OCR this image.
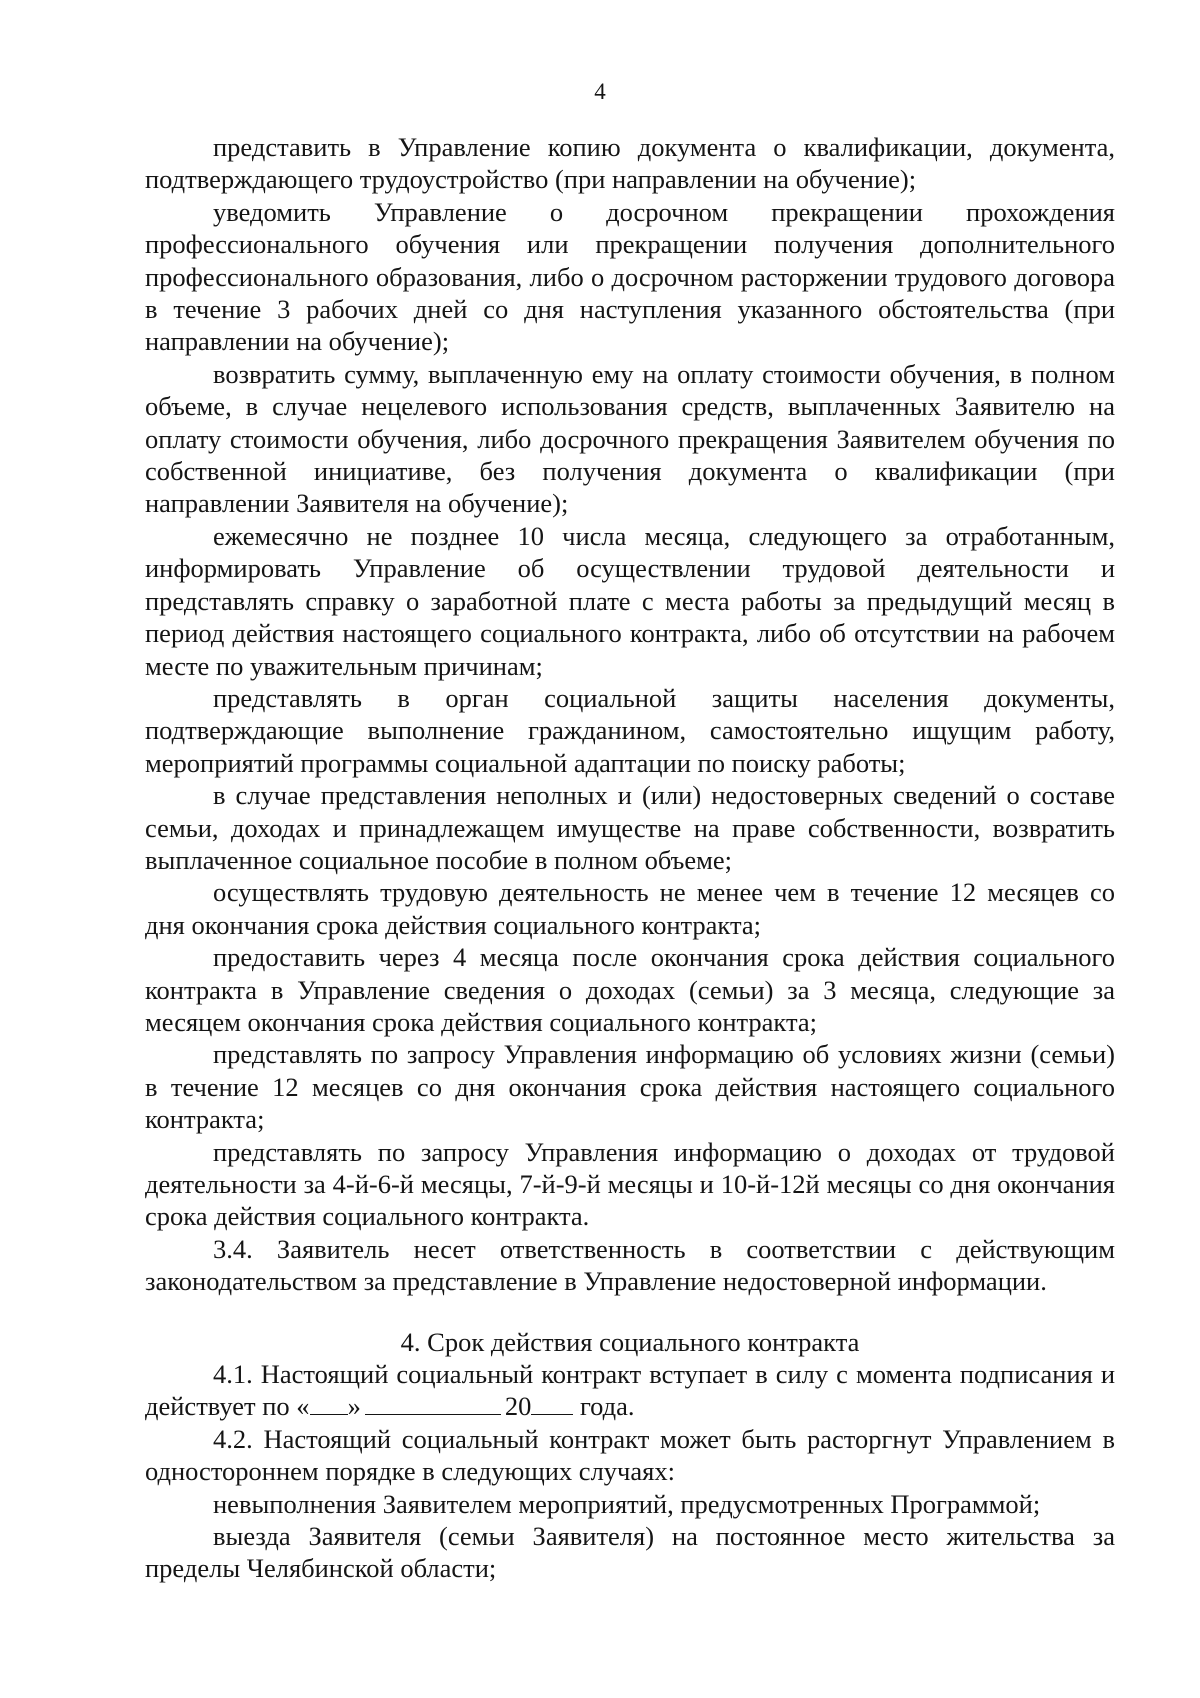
4

представить в Управление копию документа о квалификации, документа, подтверждающего трудоустройство (при направлении на обучение);

уведомить Управление о досрочном прекращении прохождения профессионального обучения или прекращении получения дополнительного профессионального образования, либо о досрочном расторжении трудового договора в течение 3 рабочих дней со дня наступления указанного обстоятельства (при направлении на обучение);

возвратить сумму, выплаченную ему на оплату стоимости обучения, в полном объеме, в случае нецелевого использования средств, выплаченных Заявителю на оплату стоимости обучения, либо досрочного прекращения Заявителем обучения по собственной инициативе, без получения документа о квалификации (при направлении Заявителя на обучение);

ежемесячно не позднее 10 числа месяца, следующего за отработанным, информировать Управление об осуществлении трудовой деятельности и представлять справку о заработной плате с места работы за предыдущий месяц в период действия настоящего социального контракта, либо об отсутствии на рабочем месте по уважительным причинам;

представлять в орган социальной защиты населения документы, подтверждающие выполнение гражданином, самостоятельно ищущим работу, мероприятий программы социальной адаптации по поиску работы;

в случае представления неполных и (или) недостоверных сведений о составе семьи, доходах и принадлежащем имуществе на праве собственности, возвратить выплаченное социальное пособие в полном объеме;

осуществлять трудовую деятельность не менее чем в течение 12 месяцев со дня окончания срока действия социального контракта;

предоставить через 4 месяца после окончания срока действия социального контракта в Управление сведения о доходах (семьи) за 3 месяца, следующие за месяцем окончания срока действия социального контракта;

представлять по запросу Управления информацию об условиях жизни (семьи) в течение 12 месяцев со дня окончания срока действия настоящего социального контракта;

представлять по запросу Управления информацию о доходах от трудовой деятельности за 4-й-6-й месяцы, 7-й-9-й месяцы и 10-й-12й месяцы со дня окончания срока действия социального контракта.

3.4. Заявитель несет ответственность в соответствии с действующим законодательством за представление в Управление недостоверной информации.

4. Срок действия социального контракта

4.1. Настоящий социальный контракт вступает в силу с момента подписания и действует по « »	20 года.

4.2. Настоящий социальный контракт может быть расторгнут Управлением в одностороннем порядке в следующих случаях:

невыполнения Заявителем мероприятий, предусмотренных Программой;

выезда Заявителя (семьи Заявителя) на постоянное место жительства за пределы Челябинской области;
